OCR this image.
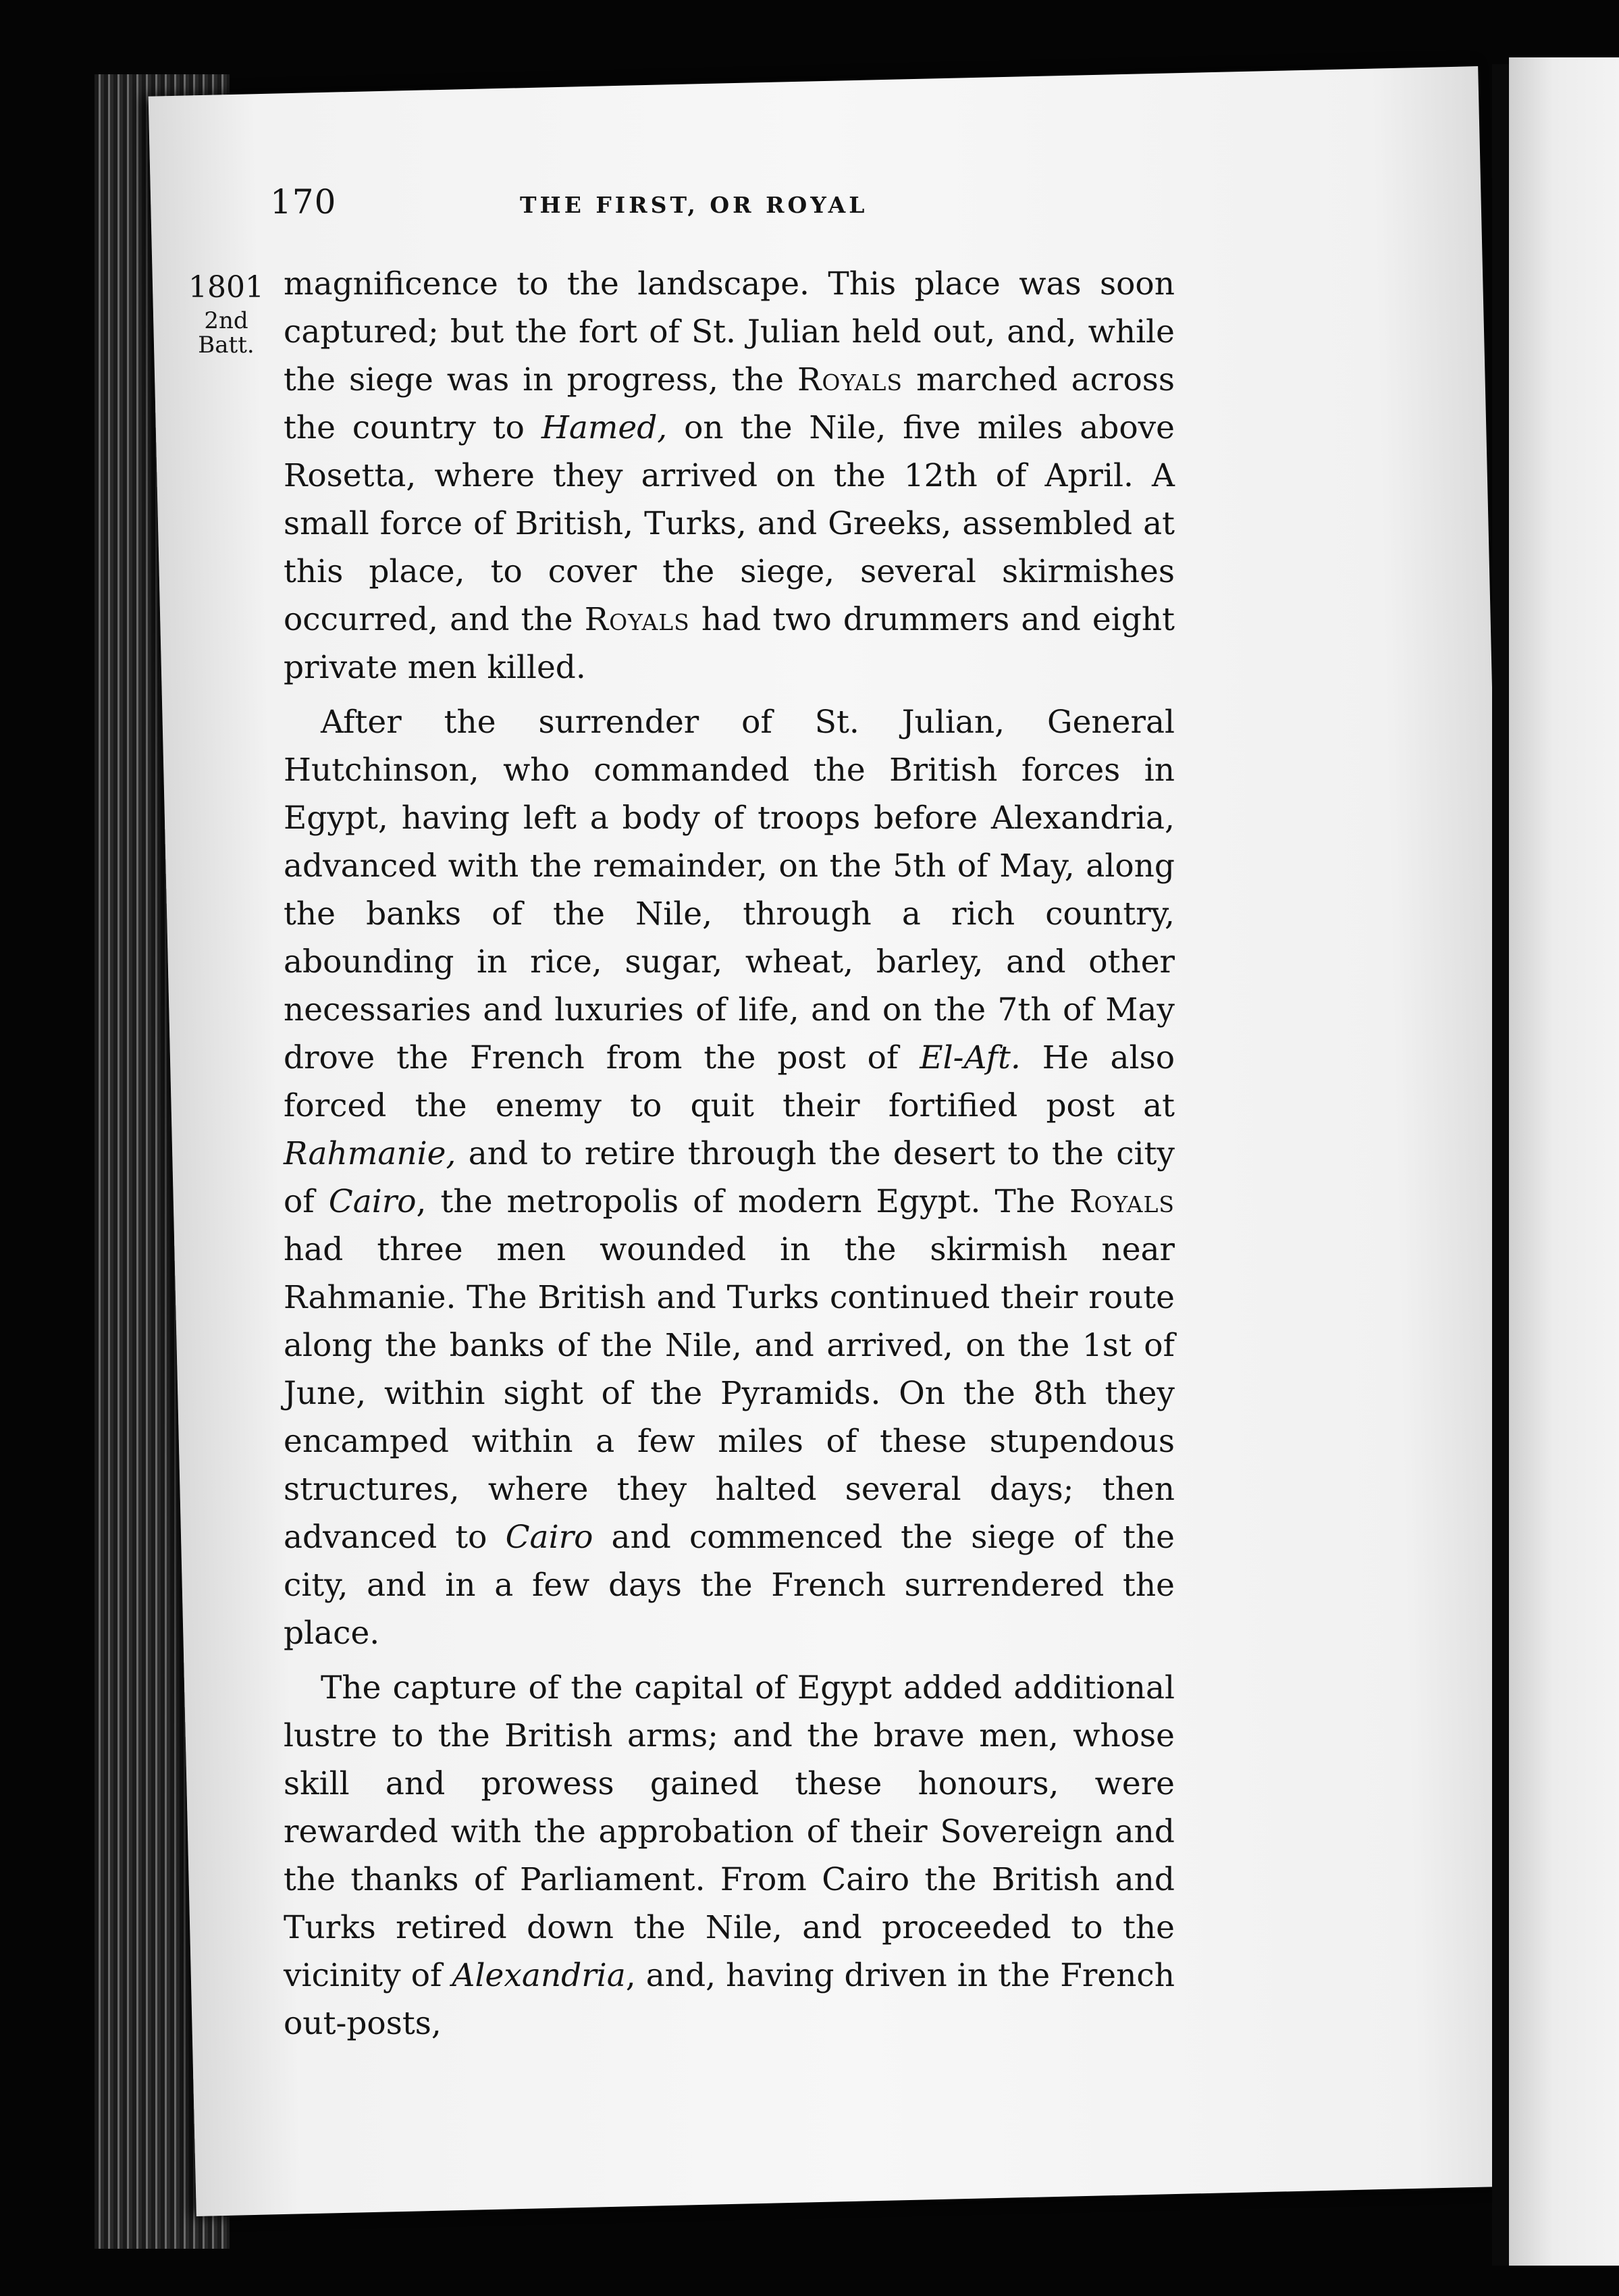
170	THE FIRST, OR ROYAL
1801
2nd
Batt.

magnificence to the landscape. This place was soon captured; but the fort of St. Julian held out, and, while the siege was in progress, the Royals marched across the country to Hamed, on the Nile, five miles above Rosetta, where they arrived on the 12th of April. A small force of British, Turks, and Greeks, assembled at this place, to cover the siege, several skirmishes occurred, and the Royals had two drummers and eight private men killed.

After the surrender of St. Julian, General Hutchinson, who commanded the British forces in Egypt, having left a body of troops before Alexandria, advanced with the remainder, on the 5th of May, along the banks of the Nile, through a rich country, abounding in rice, sugar, wheat, barley, and other necessaries and luxuries of life, and on the 7th of May drove the French from the post of El-Aft. He also forced the enemy to quit their fortified post at Rahmanie, and to retire through the desert to the city of Cairo, the metropolis of modern Egypt. The Royals had three men wounded in the skirmish near Rahmanie. The British and Turks continued their route along the banks of the Nile, and arrived, on the 1st of June, within sight of the Pyramids. On the 8th they encamped within a few miles of these stupendous structures, where they halted several days; then advanced to Cairo and commenced the siege of the city, and in a few days the French surrendered the place.

The capture of the capital of Egypt added additional lustre to the British arms; and the brave men, whose skill and prowess gained these honours, were rewarded with the approbation of their Sovereign and the thanks of Parliament. From Cairo the British and Turks retired down the Nile, and proceeded to the vicinity of Alexandria, and, having driven in the French out-posts,
